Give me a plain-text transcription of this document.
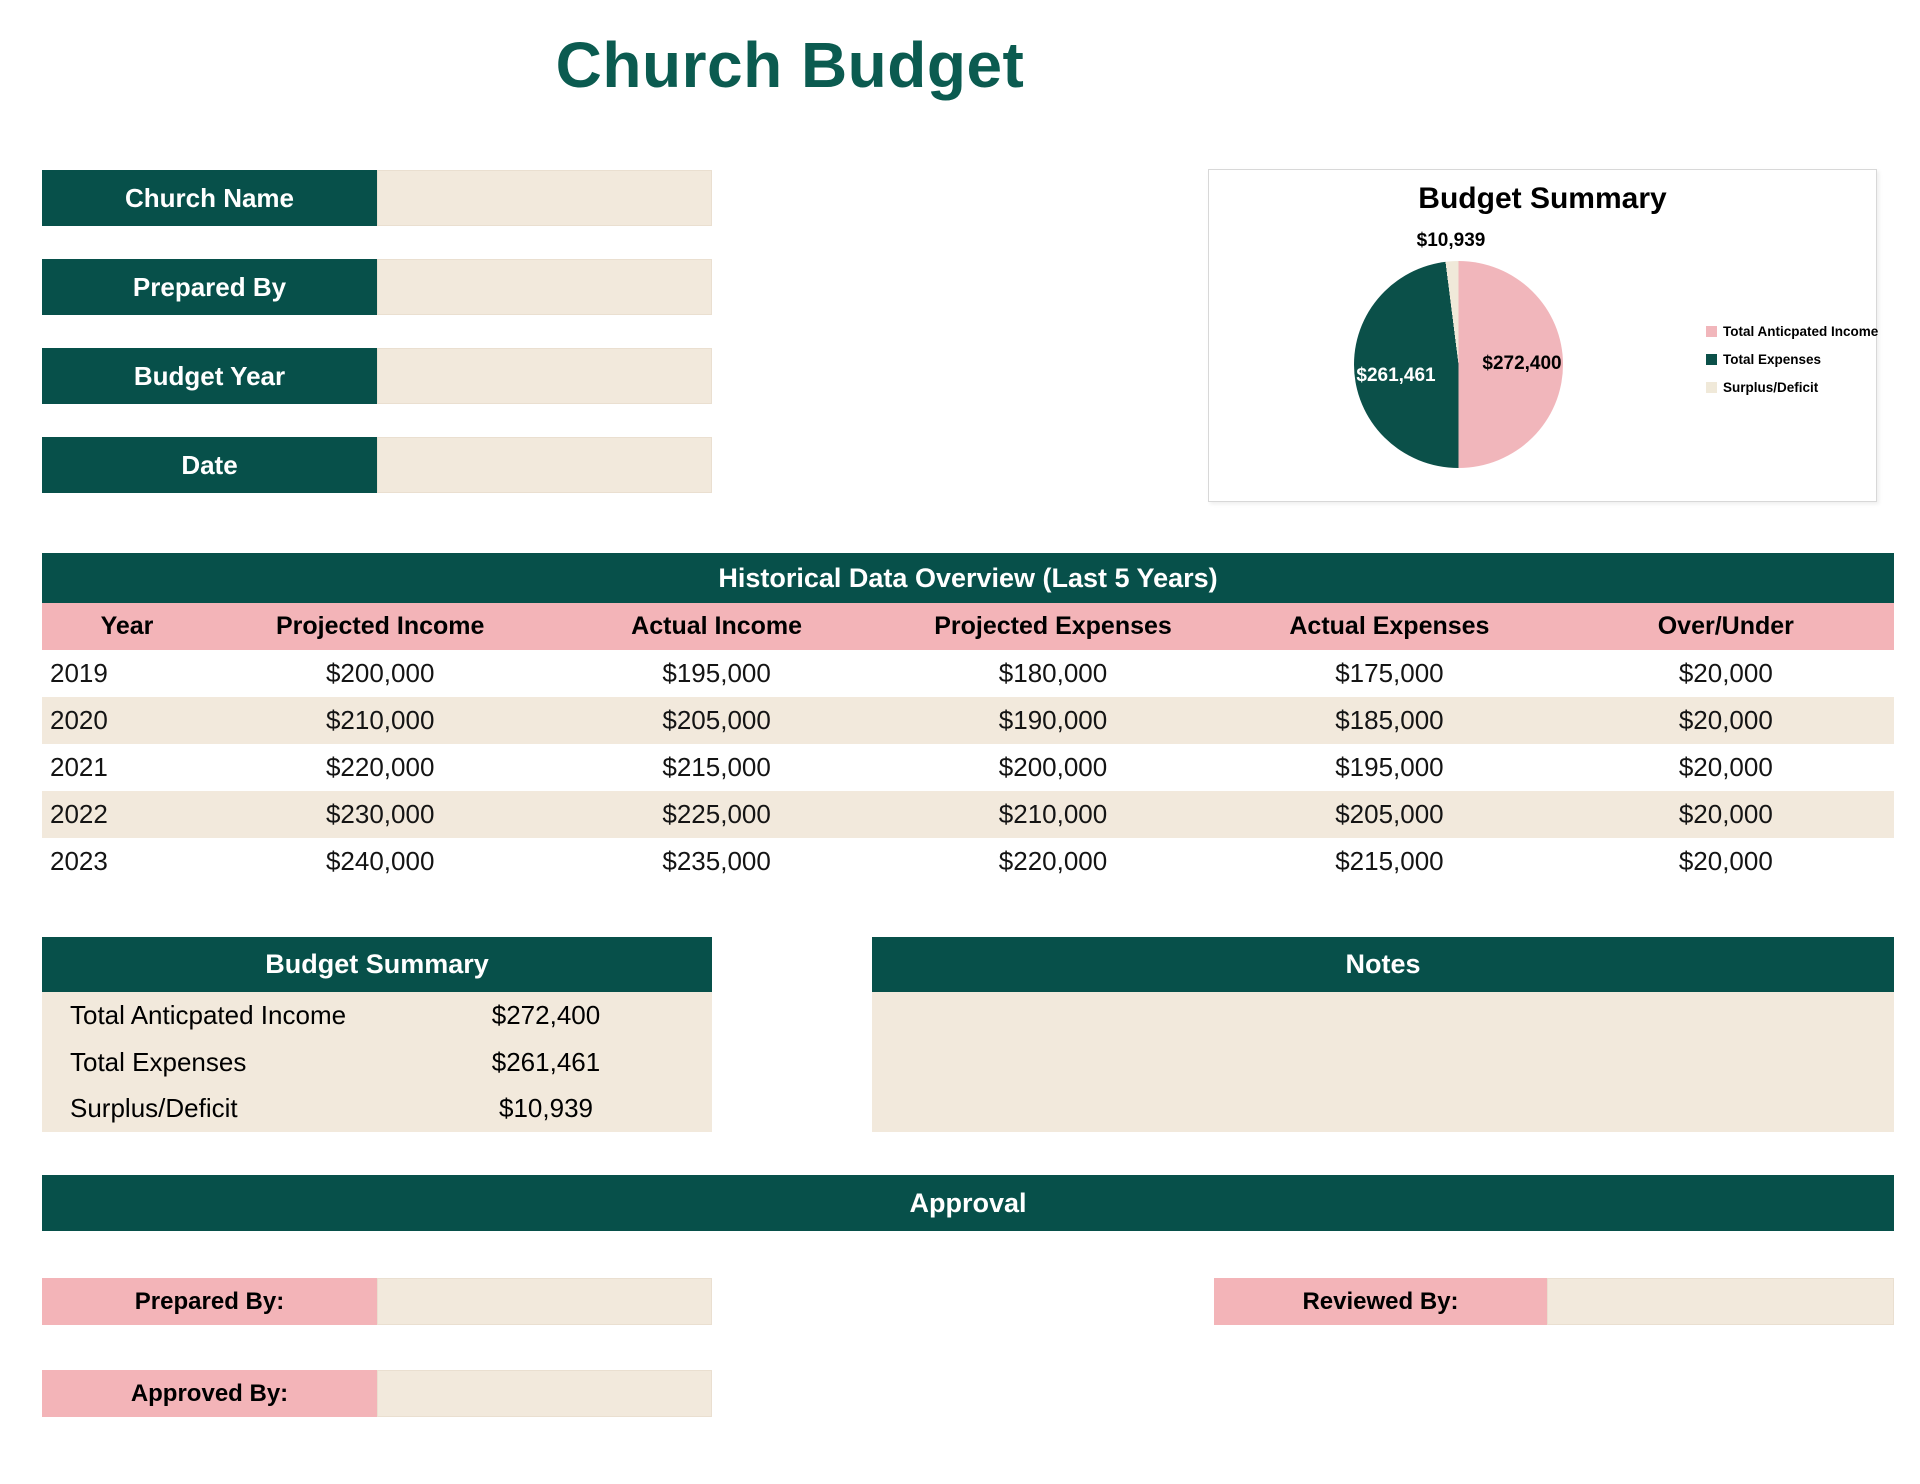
Church Budget
Church Name
Prepared By
Budget Year
Date
Budget Summary
$10,939
$272,400
$261,461
Total Anticpated Income
Total Expenses
Surplus/Deficit
Historical Data Overview (Last 5 Years)
Year	Projected Income	Actual Income	Projected Expenses	Actual Expenses	Over/Under
2019	$200,000	$195,000	$180,000	$175,000	$20,000
2020	$210,000	$205,000	$190,000	$185,000	$20,000
2021	$220,000	$215,000	$200,000	$195,000	$20,000
2022	$230,000	$225,000	$210,000	$205,000	$20,000
2023	$240,000	$235,000	$220,000	$215,000	$20,000
Budget Summary
Total Anticpated Income	$272,400
Total Expenses	$261,461
Surplus/Deficit	$10,939
Notes
Approval
Prepared By:	Reviewed By:
Approved By:
